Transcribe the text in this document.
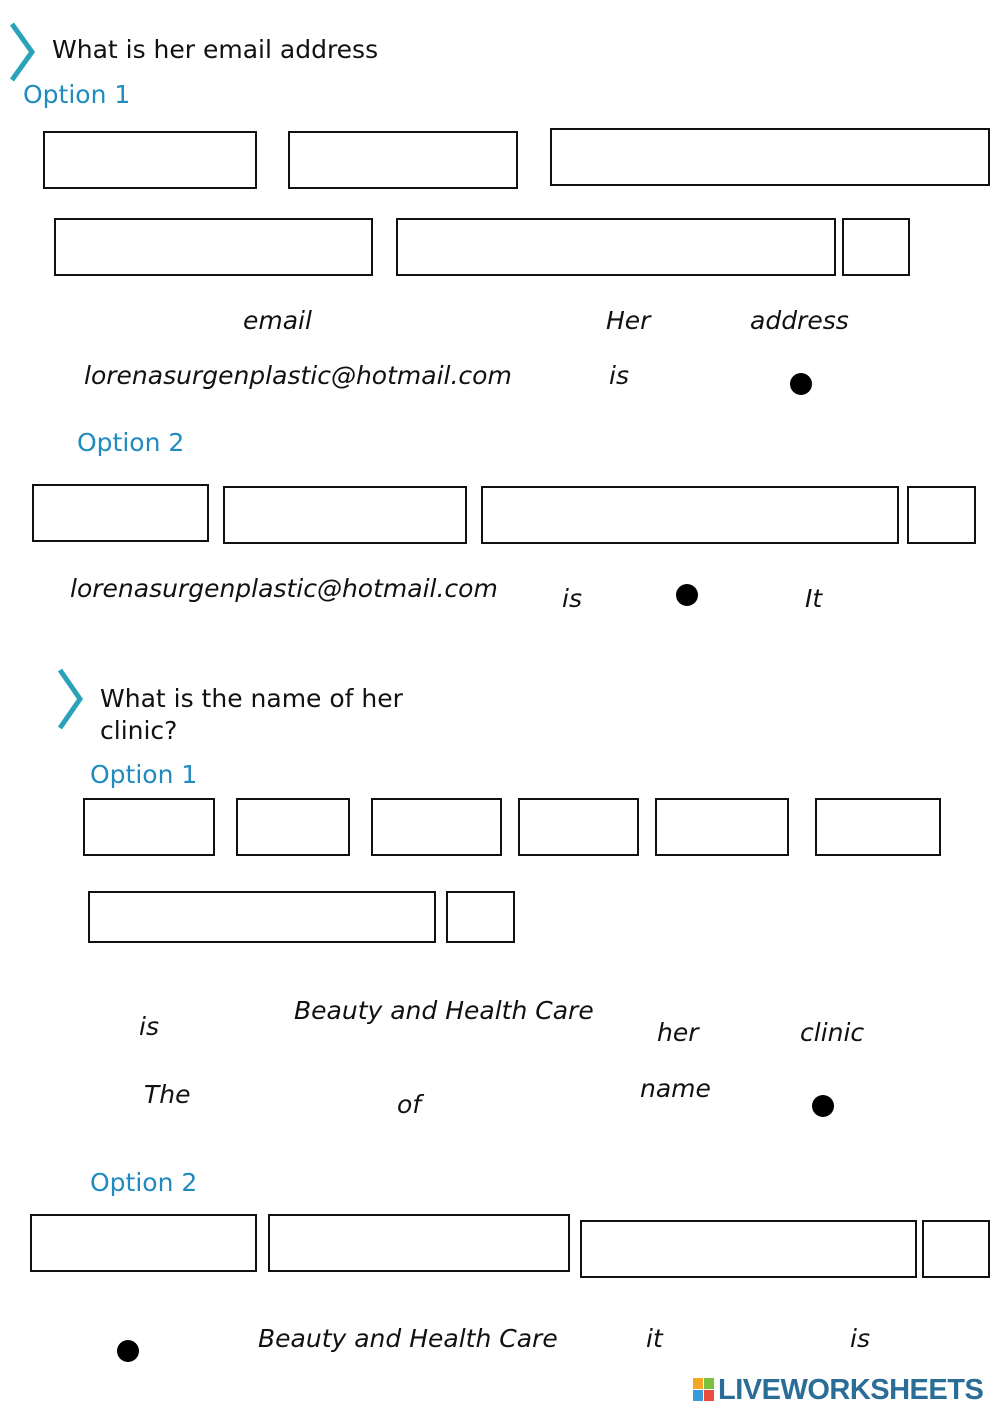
What is her email address
Option 1
email	Her	address
lorenasurgenplastic@hotmail.com	is
Option 2
lorenasurgenplastic@hotmail.com	is	It
What is the name of her clinic?
Option 1
is
Beauty and Health Care
her	clinic
The	of
name
Option 2
Beauty and Health Care	it	is
LIVEWORKSHEETS
